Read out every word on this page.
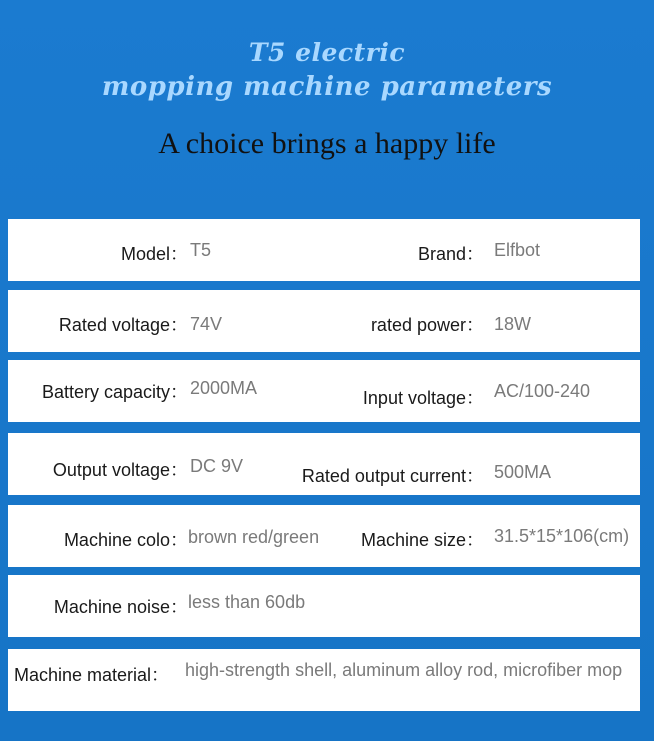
T5 electric
mopping machine parameters
A choice brings a happy life
Model： T5	Brand： Elfbot
Rated voltage： 74V	rated power： 18W
Battery capacity： 2000MA	Input voltage： AC/100-240
Output voltage： DC 9V	Rated output current： 500MA
Machine colo： brown red/green Machine size： 31.5*15*106(cm)
Machine noise： less than 60db
Machine material： high-strength shell, aluminum alloy rod, microfiber mop
